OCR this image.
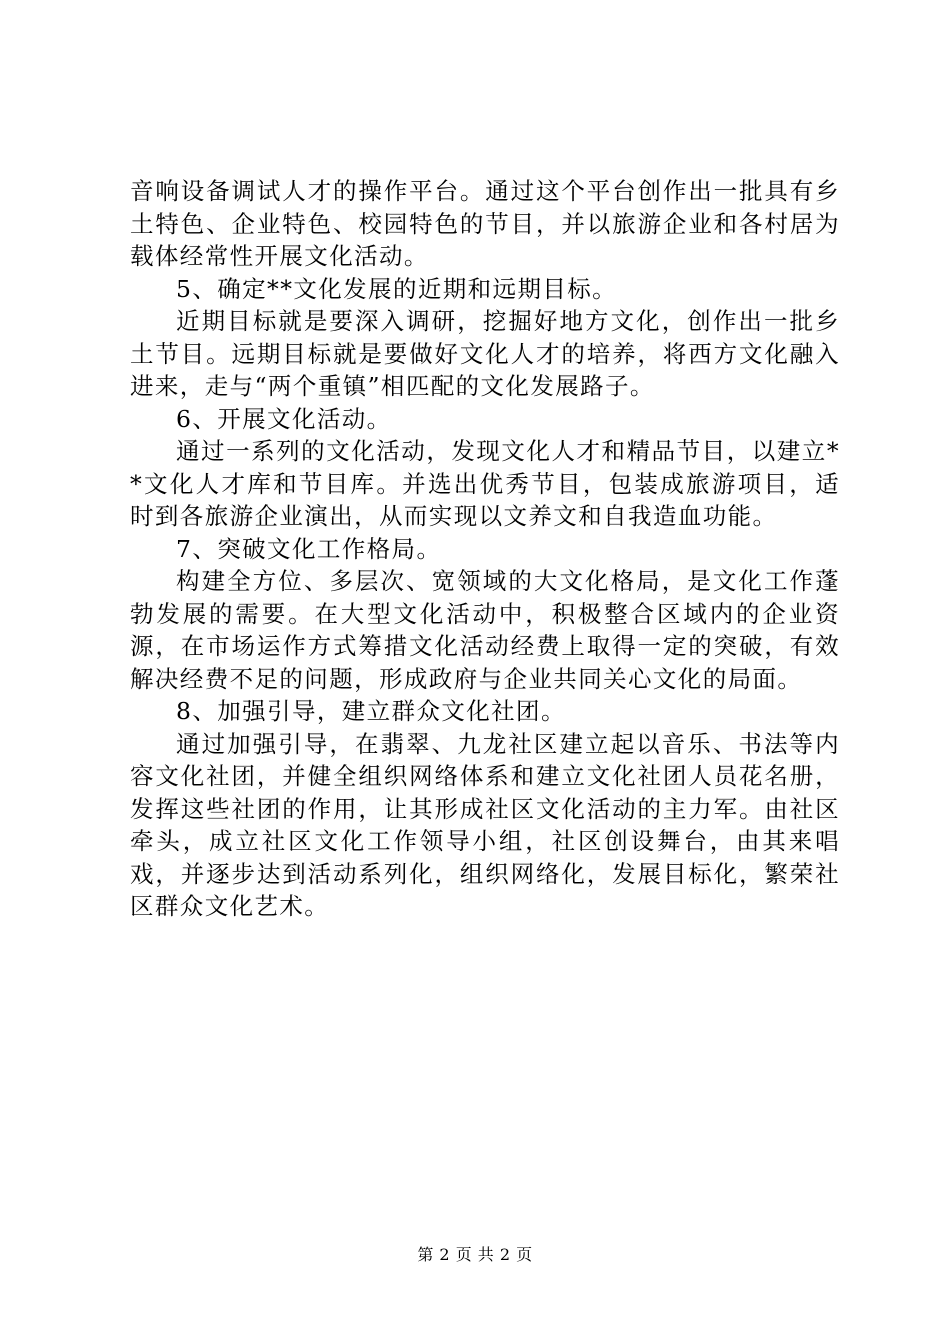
音响设备调试人才的操作平台。通过这个平台创作出一批具有乡土特色、企业特色、校园特色的节目，并以旅游企业和各村居为载体经常性开展文化活动。

5、确定**文化发展的近期和远期目标。

近期目标就是要深入调研，挖掘好地方文化，创作出一批乡土节目。远期目标就是要做好文化人才的培养，将西方文化融入进来，走与“两个重镇”相匹配的文化发展路子。

6、开展文化活动。

通过一系列的文化活动，发现文化人才和精品节目，以建立**文化人才库和节目库。并选出优秀节目，包装成旅游项目，适时到各旅游企业演出，从而实现以文养文和自我造血功能。

7、突破文化工作格局。

构建全方位、多层次、宽领域的大文化格局，是文化工作蓬勃发展的需要。在大型文化活动中，积极整合区域内的企业资源，在市场运作方式筹措文化活动经费上取得一定的突破，有效解决经费不足的问题，形成政府与企业共同关心文化的局面。

8、加强引导，建立群众文化社团。

通过加强引导，在翡翠、九龙社区建立起以音乐、书法等内容文化社团，并健全组织网络体系和建立文化社团人员花名册，发挥这些社团的作用，让其形成社区文化活动的主力军。由社区牵头，成立社区文化工作领导小组，社区创设舞台，由其来唱戏，并逐步达到活动系列化，组织网络化，发展目标化，繁荣社区群众文化艺术。

第 2 页 共 2 页
